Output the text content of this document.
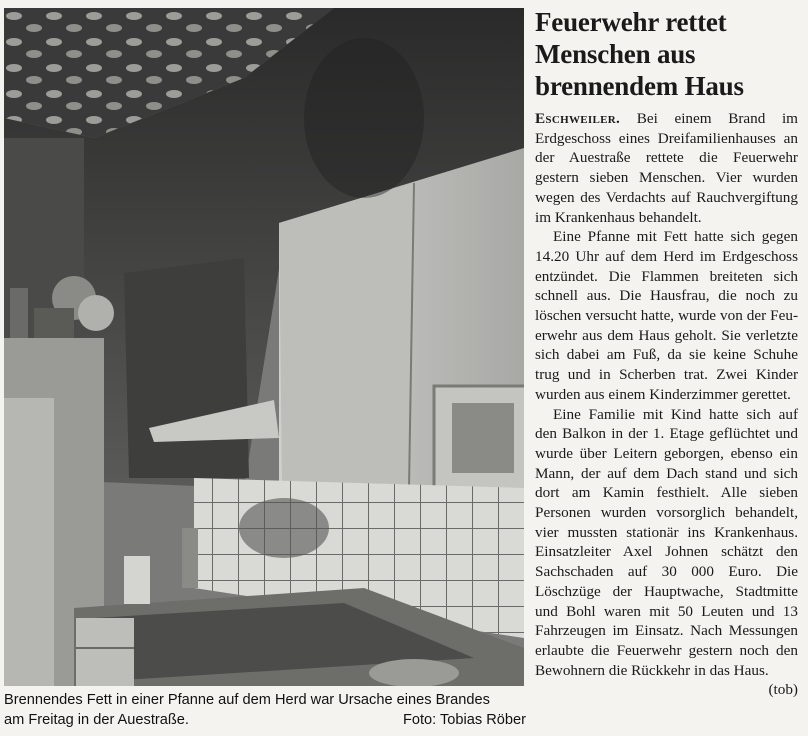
Brennendes Fett in einer Pfanne auf dem Herd war Ursache eines Brandes
am Freitag in der Auestraße.	Foto: Tobias Röber
Feuerwehr rettet
Menschen aus
brennendem Haus

Eschweiler. Bei einem Brand im Erdgeschoss eines Dreifamilienhauses an der Auestraße rettete die Feuerwehr gestern sieben Menschen. Vier wurden wegen des Verdachts auf Rauchvergiftung im Krankenhaus behandelt.

Eine Pfanne mit Fett hatte sich gegen 14.20 Uhr auf dem Herd im Erdgeschoss entzündet. Die Flammen breiteten sich schnell aus. Die Hausfrau, die noch zu löschen versucht hatte, wurde von der Feuerwehr aus dem Haus geholt. Sie verletzte sich dabei am Fuß, da sie keine Schuhe trug und in Scherben trat. Zwei Kinder wurden aus einem Kinderzimmer gerettet.

Eine Familie mit Kind hatte sich auf den Balkon in der 1. Etage geflüchtet und wurde über Leitern geborgen, ebenso ein Mann, der auf dem Dach stand und sich dort am Kamin festhielt. Alle sieben Personen wurden vorsorglich behandelt, vier mussten stationär ins Krankenhaus. Einsatzleiter Axel Johnen schätzt den Sachschaden auf 30 000 Euro. Die Löschzüge der Hauptwache, Stadtmitte und Bohl waren mit 50 Leuten und 13 Fahrzeugen im Einsatz. Nach Messungen erlaubte die Feuerwehr gestern noch den Bewohnern die Rückkehr in das Haus.
(tob)
